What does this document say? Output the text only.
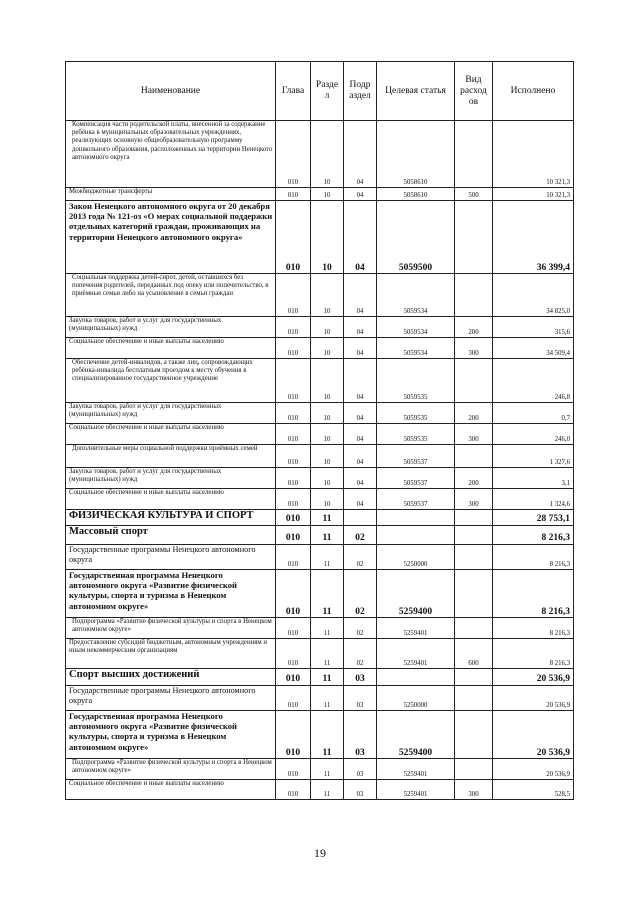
Наименование	Глава	Разде л	Подр аздел	Целевая статья	Вид расход ов	Исполнено
Компенсация части родительской платы, внесенной за содержание ребёнка в муниципальных образовательных учреждениях, реализующих основную общеобразовательную программу дошкольного образования, расположенных на территории Ненецкого автономного округа	010	10	04	5058610		10 321,3
Межбюджетные трансферты	010	10	04	5058610	500	10 321,3
Закон Ненецкого автономного округа от 20 декабря 2013 года № 121-оз «О мерах социальной поддержки отдельных категорий граждан, проживающих на территории Ненецкого автономного округа»	010	10	04	5059500		36 399,4
Социальная поддержка детей-сирот, детей, оставшихся без попечения родителей, переданных под опеку или попечительство, в приёмные семьи либо на усыновление в семьи граждан	010	10	04	5059534		34 825,0
Закупка товаров, работ и услуг для государственных (муниципальных) нужд	010	10	04	5059534	200	315,6
Социальное обеспечение и иные выплаты населению	010	10	04	5059534	300	34 509,4
Обеспечение детей-инвалидов, а также лиц, сопровождающих ребёнка-инвалида бесплатным проездом к месту обучения в специализированное государственное учреждение	010	10	04	5059535		246,8
Закупка товаров, работ и услуг для государственных (муниципальных) нужд	010	10	04	5059535	200	0,7
Социальное обеспечение и иные выплаты населению	010	10	04	5059535	300	246,0
Дополнительные меры социальной поддержки приёмных семей	010	10	04	5059537		1 327,6
Закупка товаров, работ и услуг для государственных (муниципальных) нужд	010	10	04	5059537	200	3,1
Социальное обеспечение и иные выплаты населению	010	10	04	5059537	300	1 324,6
ФИЗИЧЕСКАЯ КУЛЬТУРА И СПОРТ	010	11				28 753,1
Массовый спорт	010	11	02			8 216,3
Государственные программы Ненецкого автономного округа	010	11	02	5250000		8 216,3
Государственная программа Ненецкого автономного округа «Развитие физической культуры, спорта и туризма в Ненецком автономном округе»	010	11	02	5259400		8 216,3
Подпрограмма «Развитие физической культуры и спорта в Ненецком автономном округе»	010	11	02	5259401		8 216,3
Предоставление субсидий бюджетным, автономным учреждениям и иным некоммерческим организациям	010	11	02	5259401	600	8 216,3
Спорт высших достижений	010	11	03			20 536,9
Государственные программы Ненецкого автономного округа	010	11	03	5250000		20 536,9
Государственная программа Ненецкого автономного округа «Развитие физической культуры, спорта и туризма в Ненецком автономном округе»	010	11	03	5259400		20 536,9
Подпрограмма «Развитие физической культуры и спорта в Ненецком автономном округе»	010	11	03	5259401		20 536,9
Социальное обеспечение и иные выплаты населению	010	11	03	5259401	300	528,5
19
